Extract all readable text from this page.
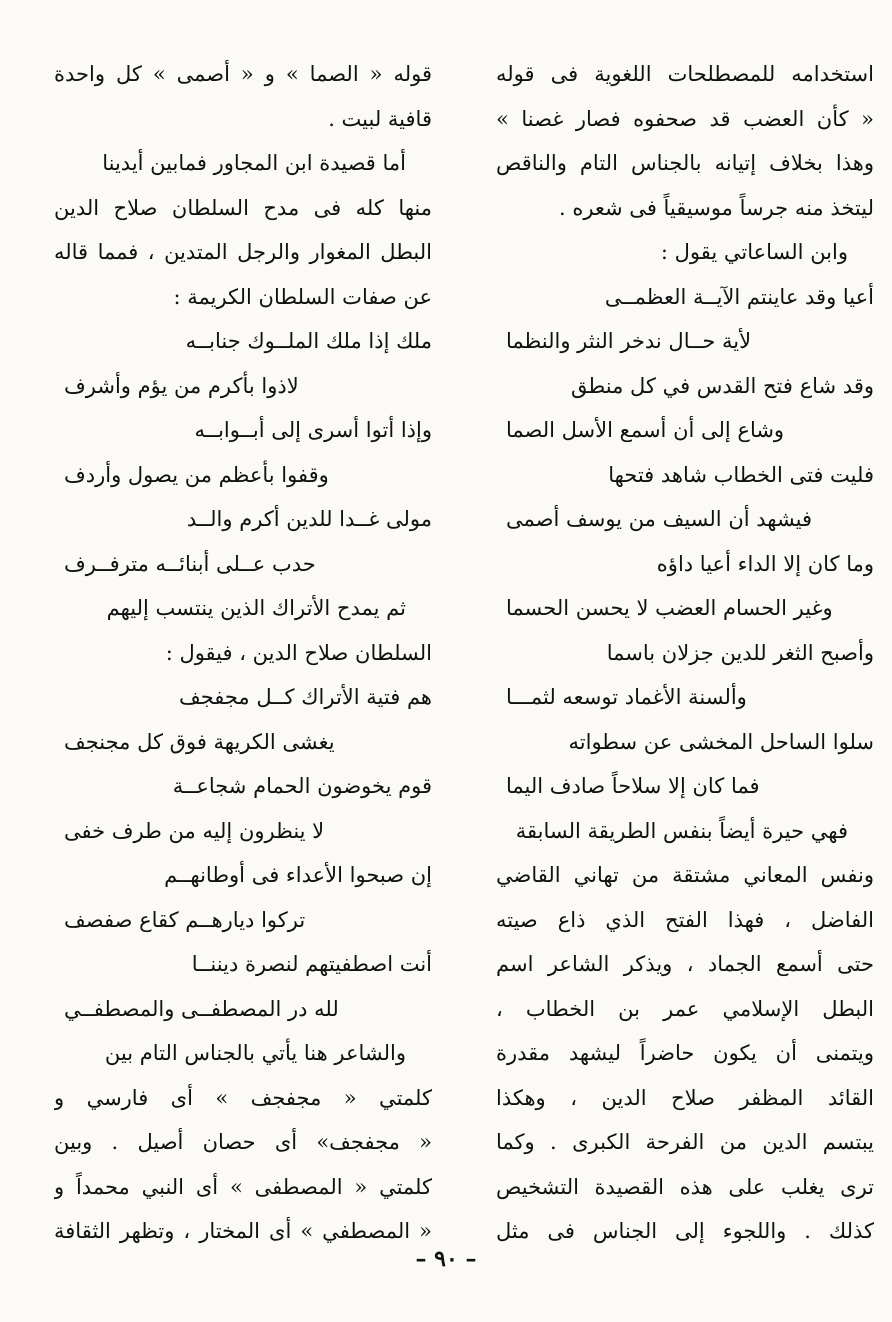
استخدامه للمصطلحات اللغوية فى قوله
« كأن العضب قد صحفوه فصار غصنا »
وهذا بخلاف إتيانه بالجناس التام والناقص
ليتخذ منه جرساً موسيقياً فى شعره .
وابن الساعاتي يقول :
أعيا وقد عاينتم الآيــة العظمــى
لأية حــال ندخر النثر والنظما
وقد شاع فتح القدس في كل منطق
وشاع إلى أن أسمع الأسل الصما
فليت فتى الخطاب شاهد فتحها
فيشهد أن السيف من يوسف أصمى
وما كان إلا الداء أعيا داؤه
وغير الحسام العضب لا يحسن الحسما
وأصبح الثغر للدين جزلان باسما
وألسنة الأغماد توسعه لثمـــا
سلوا الساحل المخشى عن سطواته
فما كان إلا سلاحاً صادف اليما
فهي حيرة أيضاً بنفس الطريقة السابقة
ونفس المعاني مشتقة من تهاني القاضي
الفاضل ، فهذا الفتح الذي ذاع صيته
حتى أسمع الجماد ، ويذكر الشاعر اسم
البطل الإسلامي عمر بن الخطاب ،
ويتمنى أن يكون حاضراً ليشهد مقدرة
القائد المظفر صلاح الدين ، وهكذا
يبتسم الدين من الفرحة الكبرى . وكما
ترى يغلب على هذه القصيدة التشخيص
كذلك . واللجوء إلى الجناس فى مثل
قوله « الصما » و « أصمى » كل واحدة
قافية لبيت .
أما قصيدة ابن المجاور فمابين أيدينا
منها كله فى مدح السلطان صلاح الدين
البطل المغوار والرجل المتدين ، فمما قاله
عن صفات السلطان الكريمة :
ملك إذا ملك الملــوك جنابــه
لاذوا بأكرم من يؤم وأشرف
وإذا أتوا أسرى إلى أبــوابــه
وقفوا بأعظم من يصول وأردف
مولى غــدا للدين أكرم والــد
حدب عــلى أبنائــه مترفــرف
ثم يمدح الأتراك الذين ينتسب إليهم
السلطان صلاح الدين ، فيقول :
هم فتية الأتراك كــل مجفجف
يغشى الكريهة فوق كل مجنجف
قوم يخوضون الحمام شجاعــة
لا ينظرون إليه من طرف خفى
إن صبحوا الأعداء فى أوطانهــم
تركوا ديارهــم كقاع صفصف
أنت اصطفيتهم لنصرة ديننــا
لله در المصطفــى والمصطفــي
والشاعر هنا يأتي بالجناس التام بين
كلمتي « مجفجف » أى فارسي و
« مجفجف» أى حصان أصيل . وبين
كلمتي « المصطفى » أى النبي محمداً و
« المصطفي » أى المختار ، وتظهر الثقافة
– ٩٠ –
